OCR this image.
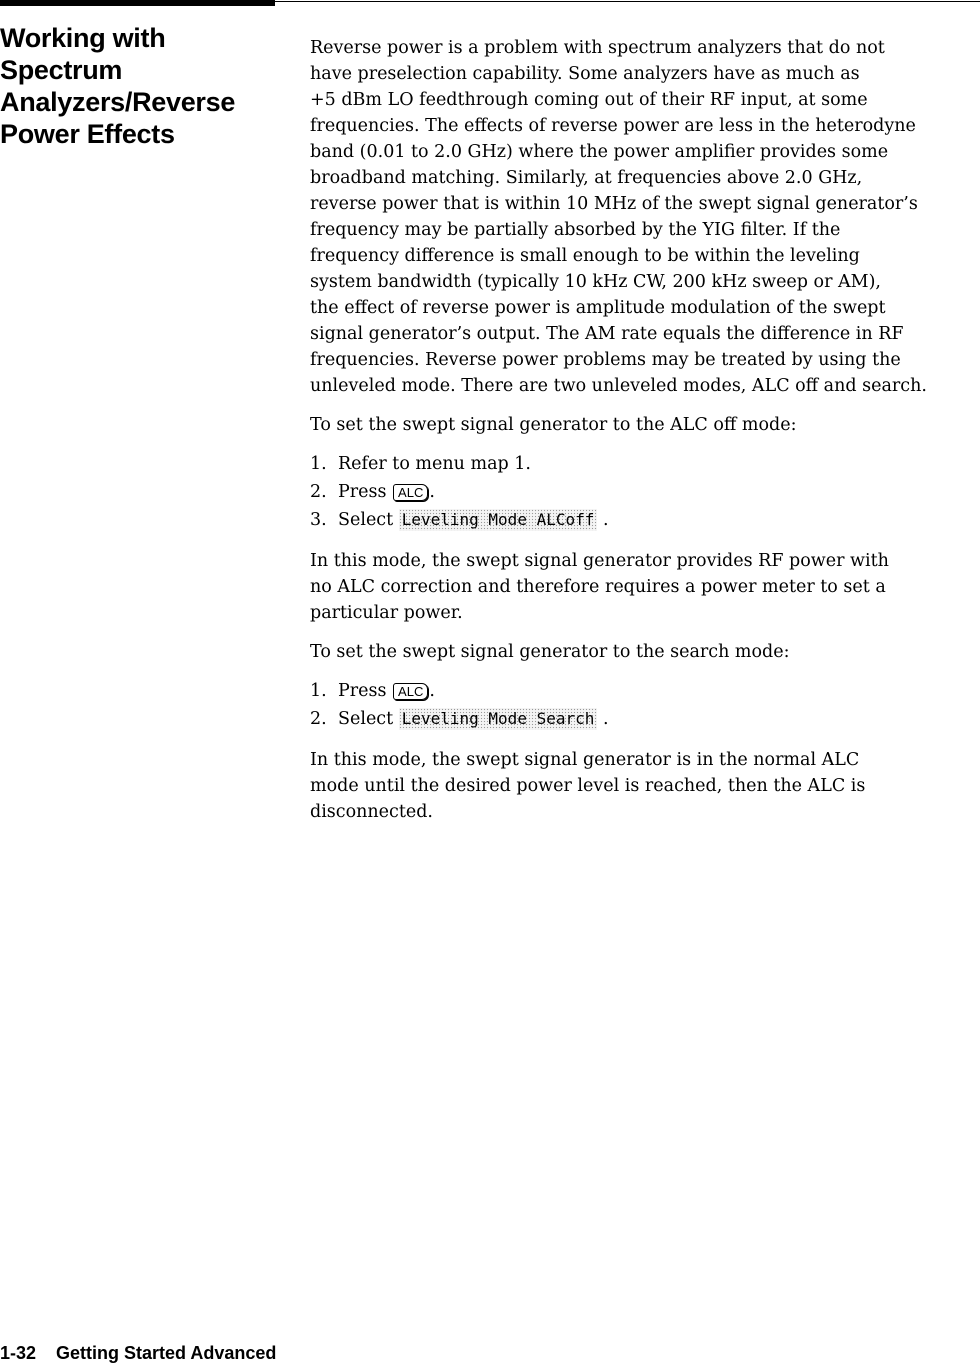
Working with
Spectrum
Analyzers/Reverse
Power Effects

Reverse power is a problem with spectrum analyzers that do not
have preselection capability. Some analyzers have as much as
+5 dBm LO feedthrough coming out of their RF input, at some
frequencies. The effects of reverse power are less in the heterodyne
band (0.01 to 2.0 GHz) where the power amplifier provides some
broadband matching. Similarly, at frequencies above 2.0 GHz,
reverse power that is within 10 MHz of the swept signal generator’s
frequency may be partially absorbed by the YIG filter. If the
frequency difference is small enough to be within the leveling
system bandwidth (typically 10 kHz CW, 200 kHz sweep or AM),
the effect of reverse power is amplitude modulation of the swept
signal generator’s output. The AM rate equals the difference in RF
frequencies. Reverse power problems may be treated by using the
unleveled mode. There are two unleveled modes, ALC off and search.

To set the swept signal generator to the ALC off mode:

1. Refer to menu map 1.
2. Press
ALC .
3. Select
Leveling Mode ALCoff
.

In this mode, the swept signal generator provides RF power with
no ALC correction and therefore requires a power meter to set a
particular power.

To set the swept signal generator to the search mode:

1. Press
ALC .
2. Select
Leveling Mode Search
.

In this mode, the swept signal generator is in the normal ALC
mode until the desired power level is reached, then the ALC is
disconnected.

1-32 Getting Started Advanced
